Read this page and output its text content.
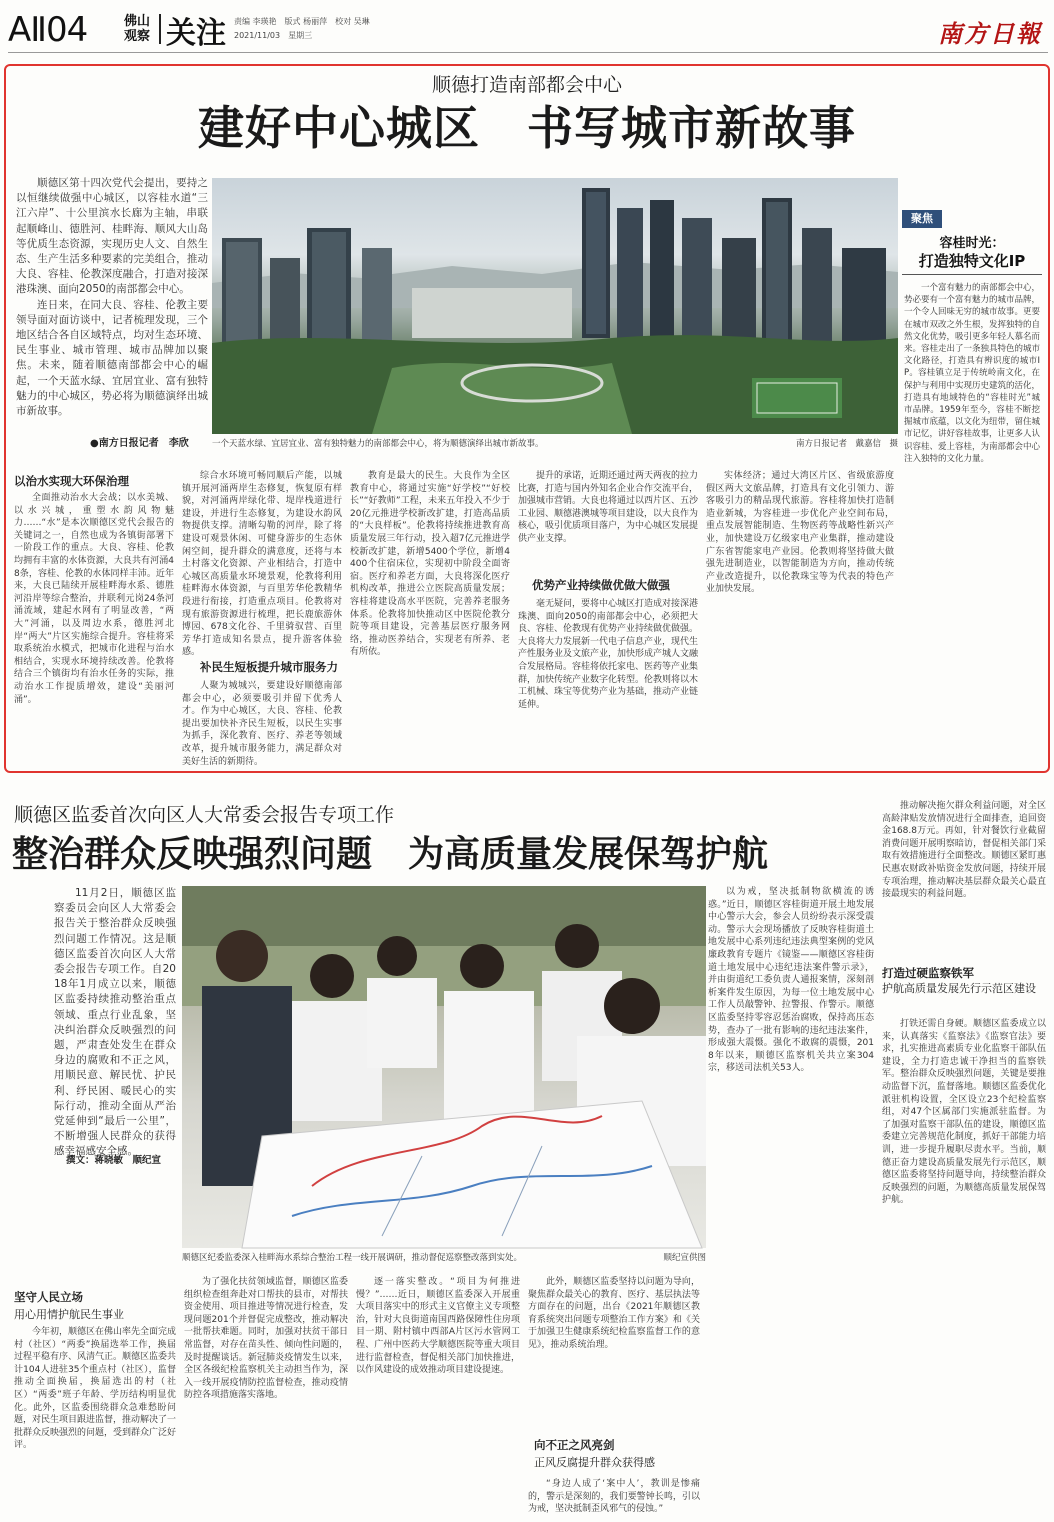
AⅡ04	佛山
观察 关注 责编 李瑛艳　版式 杨丽萍　校对 吴琳
2021/11/03　星期三	南方日報
顺德打造南部都会中心
建好中心城区　书写城市新故事

顺德区第十四次党代会提出，要持之以恒继续做强中心城区，以容桂水道“三江六岸”、十公里滨水长廊为主轴，串联起顺峰山、德胜河、桂畔海、顺风大山岛等优质生态资源，实现历史人文、自然生态、生产生活多种要素的完美组合，推动大良、容桂、伦教深度融合，打造对接深港珠澳、面向2050的南部都会中心。

连日来，在同大良、容桂、伦教主要领导面对面访谈中，记者梳理发现，三个地区结合各自区域特点，均对生态环境、民生事业、城市管理、城市品牌加以聚焦。未来，随着顺德南部都会中心的崛起，一个天蓝水绿、宜居宜业、富有独特魅力的中心城区，势必将为顺德演绎出城市新故事。

●南方日报记者　李欣	一个天蓝水绿、宜居宜业、富有独特魅力的南部都会中心，将为顺德演绎出城市新故事。	南方日报记者　戴嘉信　摄
聚焦
容桂时光：
打造独特文化IP

一个富有魅力的南部都会中心，势必要有一个富有魅力的城市品牌，一个令人回味无穷的城市故事。更要在城市双改之外生根，发挥独特的自然文化优势，吸引更多年轻人慕名而来。容桂走出了一条独具特色的城市文化路径，打造具有辨识度的城市IP。容桂镇立足于传统岭南文化，在保护与利用中实现历史建筑的活化，打造具有地域特色的“容桂时光”城市品牌。1959年至今，容桂不断挖掘城市底蕴，以文化为纽带，留住城市记忆，讲好容桂故事，让更多人认识容桂、爱上容桂，为南部都会中心注入独特的文化力量。

以治水实现大环保治理

全面推动治水大会战；以水美城、以水兴城，重塑水韵风物魅力……“水”是本次顺德区党代会报告的关键词之一，自然也成为各镇街部署下一阶段工作的重点。大良、容桂、伦教均拥有丰富的水体资源，大良共有河涌48条，容桂、伦教的水体同样丰沛。近年来，大良已陆续开展桂畔海水系、德胜河沿岸等综合整治，并联利元岗24条河涌流域，建起水网有了明显改善，“两大”河涌，以及周边水系，德胜河北岸“两大”片区实施综合提升。容桂将采取系统治水模式，把城市化进程与治水相结合，实现水环境持续改善。伦教将结合三个镇街均有治水任务的实际，推动治水工作提质增效，建设“美丽河涌”。

综合水环境可畅同顺后产能，以城镇开展河涌两岸生态修复，恢复原有样貌，对河涌两岸绿化带、堤岸栈道进行建设，并进行生态修复，为建设水韵风物提供支撑。清晰勾勒的河岸，除了将建设可观景休闲、可健身游步的生态休闲空间，提升群众的满意度，还将与本土村落文化资源、产业相结合，打造中心城区高质量水环境景观，伦教将利用桂畔海水体资源，与百里芳华伦教精华段进行衔接，打造重点项目。伦教将对现有旅游资源进行梳理，把长鹿旅游休博园、678文化谷、千里骑驭营、百里芳华打造成知名景点，提升游客体验感。

补民生短板提升城市服务力

人聚为城城兴，要建设好顺德南部都会中心，必须要吸引并留下优秀人才。作为中心城区，大良、容桂、伦教提出要加快补齐民生短板，以民生实事为抓手，深化教育、医疗、养老等领域改革，提升城市服务能力，满足群众对美好生活的新期待。

教育是最大的民生。大良作为全区教育中心，将通过实施“好学校”“好校长”“好教师”工程，未来五年投入不少于20亿元推进学校新改扩建，打造高品质的“大良样板”。伦教将持续推进教育高质量发展三年行动，投入超7亿元推进学校新改扩建，新增5400个学位，新增4400个住宿床位，实现初中阶段全面寄宿。医疗和养老方面，大良将深化医疗机构改革，推进公立医院高质量发展；容桂将建设高水平医院，完善养老服务体系。伦教将加快推动区中医院伦教分院等项目建设，完善基层医疗服务网络，推动医养结合，实现老有所养、老有所依。

提升的承诺，近期还通过两天两夜的拉力比赛，打造与国内外知名企业合作交流平台，加强城市营销。大良也将通过以西片区、五沙工业园、顺德港澳城等项目建设，以大良作为核心，吸引优质项目落户，为中心城区发展提供产业支撑。

优势产业持续做优做大做强

毫无疑问，要将中心城区打造成对接深港珠澳、面向2050的南部都会中心，必须把大良、容桂、伦教现有优势产业持续做优做强。大良将大力发展新一代电子信息产业，现代生产性服务业及文旅产业，加快形成产城人文融合发展格局。容桂将依托家电、医药等产业集群，加快传统产业数字化转型。伦教则将以木工机械、珠宝等优势产业为基础，推动产业链延伸。

实体经济；通过大湾区片区、省级旅游度假区两大文旅品牌，打造具有文化引领力、游客吸引力的精品现代旅游。容桂将加快打造制造业新城，为容桂进一步优化产业空间布局，重点发展智能制造、生物医药等战略性新兴产业，加快建设万亿级家电产业集群，推动建设广东省智能家电产业园。伦教则将坚持做大做强先进制造业，以智能制造为方向，推动传统产业改造提升，以伦教珠宝等为代表的特色产业加快发展。

顺德区监委首次向区人大常委会报告专项工作
整治群众反映强烈问题　为高质量发展保驾护航

11月2日，顺德区监察委员会向区人大常委会报告关于整治群众反映强烈问题工作情况。这是顺德区监委首次向区人大常委会报告专项工作。自2018年1月成立以来，顺德区监委持续推动整治重点领域、重点行业乱象，坚决纠治群众反映强烈的问题，严肃查处发生在群众身边的腐败和不正之风，用顺民意、解民忧、护民利、纾民困、暖民心的实际行动，推动全面从严治党延伸到“最后一公里”，不断增强人民群众的获得感幸福感安全感。

撰文：蒋晓敏　顺纪宣
顺德区纪委监委深入桂畔海水系综合整治工程一线开展调研，推动督促巡察整改落到实处。	顺纪宣供图
坚守人民立场
用心用情护航民生事业

今年初，顺德区在佛山率先全面完成村（社区）“两委”换届选举工作，换届过程平稳有序、风清气正。顺德区监委共计104人进驻35个重点村（社区），监督推动全面换届，换届选出的村（社区）“两委”班子年龄、学历结构明显优化。此外，区监委围绕群众急难愁盼问题，对民生项目跟进监督，推动解决了一批群众反映强烈的问题，受到群众广泛好评。

为了强化扶贫领域监督，顺德区监委组织检查组奔赴对口帮扶的县市，对帮扶资金使用、项目推进等情况进行检查，发现问题201个并督促完成整改，推动解决一批帮扶难题。同时，加强对扶贫干部日常监督，对存在苗头性、倾向性问题的，及时提醒谈话。新冠肺炎疫情发生以来，全区各级纪检监察机关主动担当作为，深入一线开展疫情防控监督检查，推动疫情防控各项措施落实落地。

逐一落实整改。“项目为何推进慢？”……近日，顺德区监委深入开展重大项目落实中的形式主义官僚主义专项整治，针对大良街道南国西路保障性住房项目一期、附村镇中西部A片区污水管网工程、广州中医药大学顺德医院等重大项目进行监督检查，督促相关部门加快推进，以作风建设的成效推动项目建设提速。

此外，顺德区监委坚持以问题为导向，聚焦群众最关心的教育、医疗、基层执法等方面存在的问题，出台《2021年顺德区教育系统突出问题专项整治工作方案》和《关于加强卫生健康系统纪检监察监督工作的意见》，推动系统治理。

向不正之风亮剑
正风反腐提升群众获得感

“身边人成了‘案中人’，教训是惨痛的，警示是深刻的，我们要警钟长鸣，引以为戒，坚决抵制歪风邪气的侵蚀。”

以为戒，坚决抵制物欲横流的诱惑。”近日，顺德区容桂街道开展土地发展中心警示大会，参会人员纷纷表示深受震动。警示大会现场播放了反映容桂街道土地发展中心系列违纪违法典型案例的党风廉政教育专题片《镜鉴——顺德区容桂街道土地发展中心违纪违法案件警示录》，并由街道纪工委负责人通报案情，深刻剖析案件发生原因，为每一位土地发展中心工作人员敲警钟、拉警报、作警示。顺德区监委坚持零容忍惩治腐败，保持高压态势，查办了一批有影响的违纪违法案件，形成强大震慑。强化不敢腐的震慑，2018年以来，顺德区监察机关共立案304宗，移送司法机关53人。

推动解决拖欠群众利益问题，对全区高龄津贴发放情况进行全面排查，追回资金168.8万元。再如，针对餐饮行业截留消费问题开展明察暗访，督促相关部门采取有效措施进行全面整改。顺德区紧盯惠民惠农财政补贴资金发放问题，持续开展专项治理，推动解决基层群众最关心最直接最现实的利益问题。

打造过硬监察铁军
护航高质量发展先行示范区建设

打铁还需自身硬。顺德区监委成立以来，认真落实《监察法》《监察官法》要求，扎实推进高素质专业化监察干部队伍建设，全力打造忠诚干净担当的监察铁军。整治群众反映强烈问题，关键是要推动监督下沉，监督落地。顺德区监委优化派驻机构设置，全区设立23个纪检监察组，对47个区属部门实施派驻监督。为了加强对监察干部队伍的建设，顺德区监委建立完善规范化制度，抓好干部能力培训，进一步提升履职尽责水平。当前，顺德正奋力建设高质量发展先行示范区，顺德区监委将坚持问题导向，持续整治群众反映强烈的问题，为顺德高质量发展保驾护航。
